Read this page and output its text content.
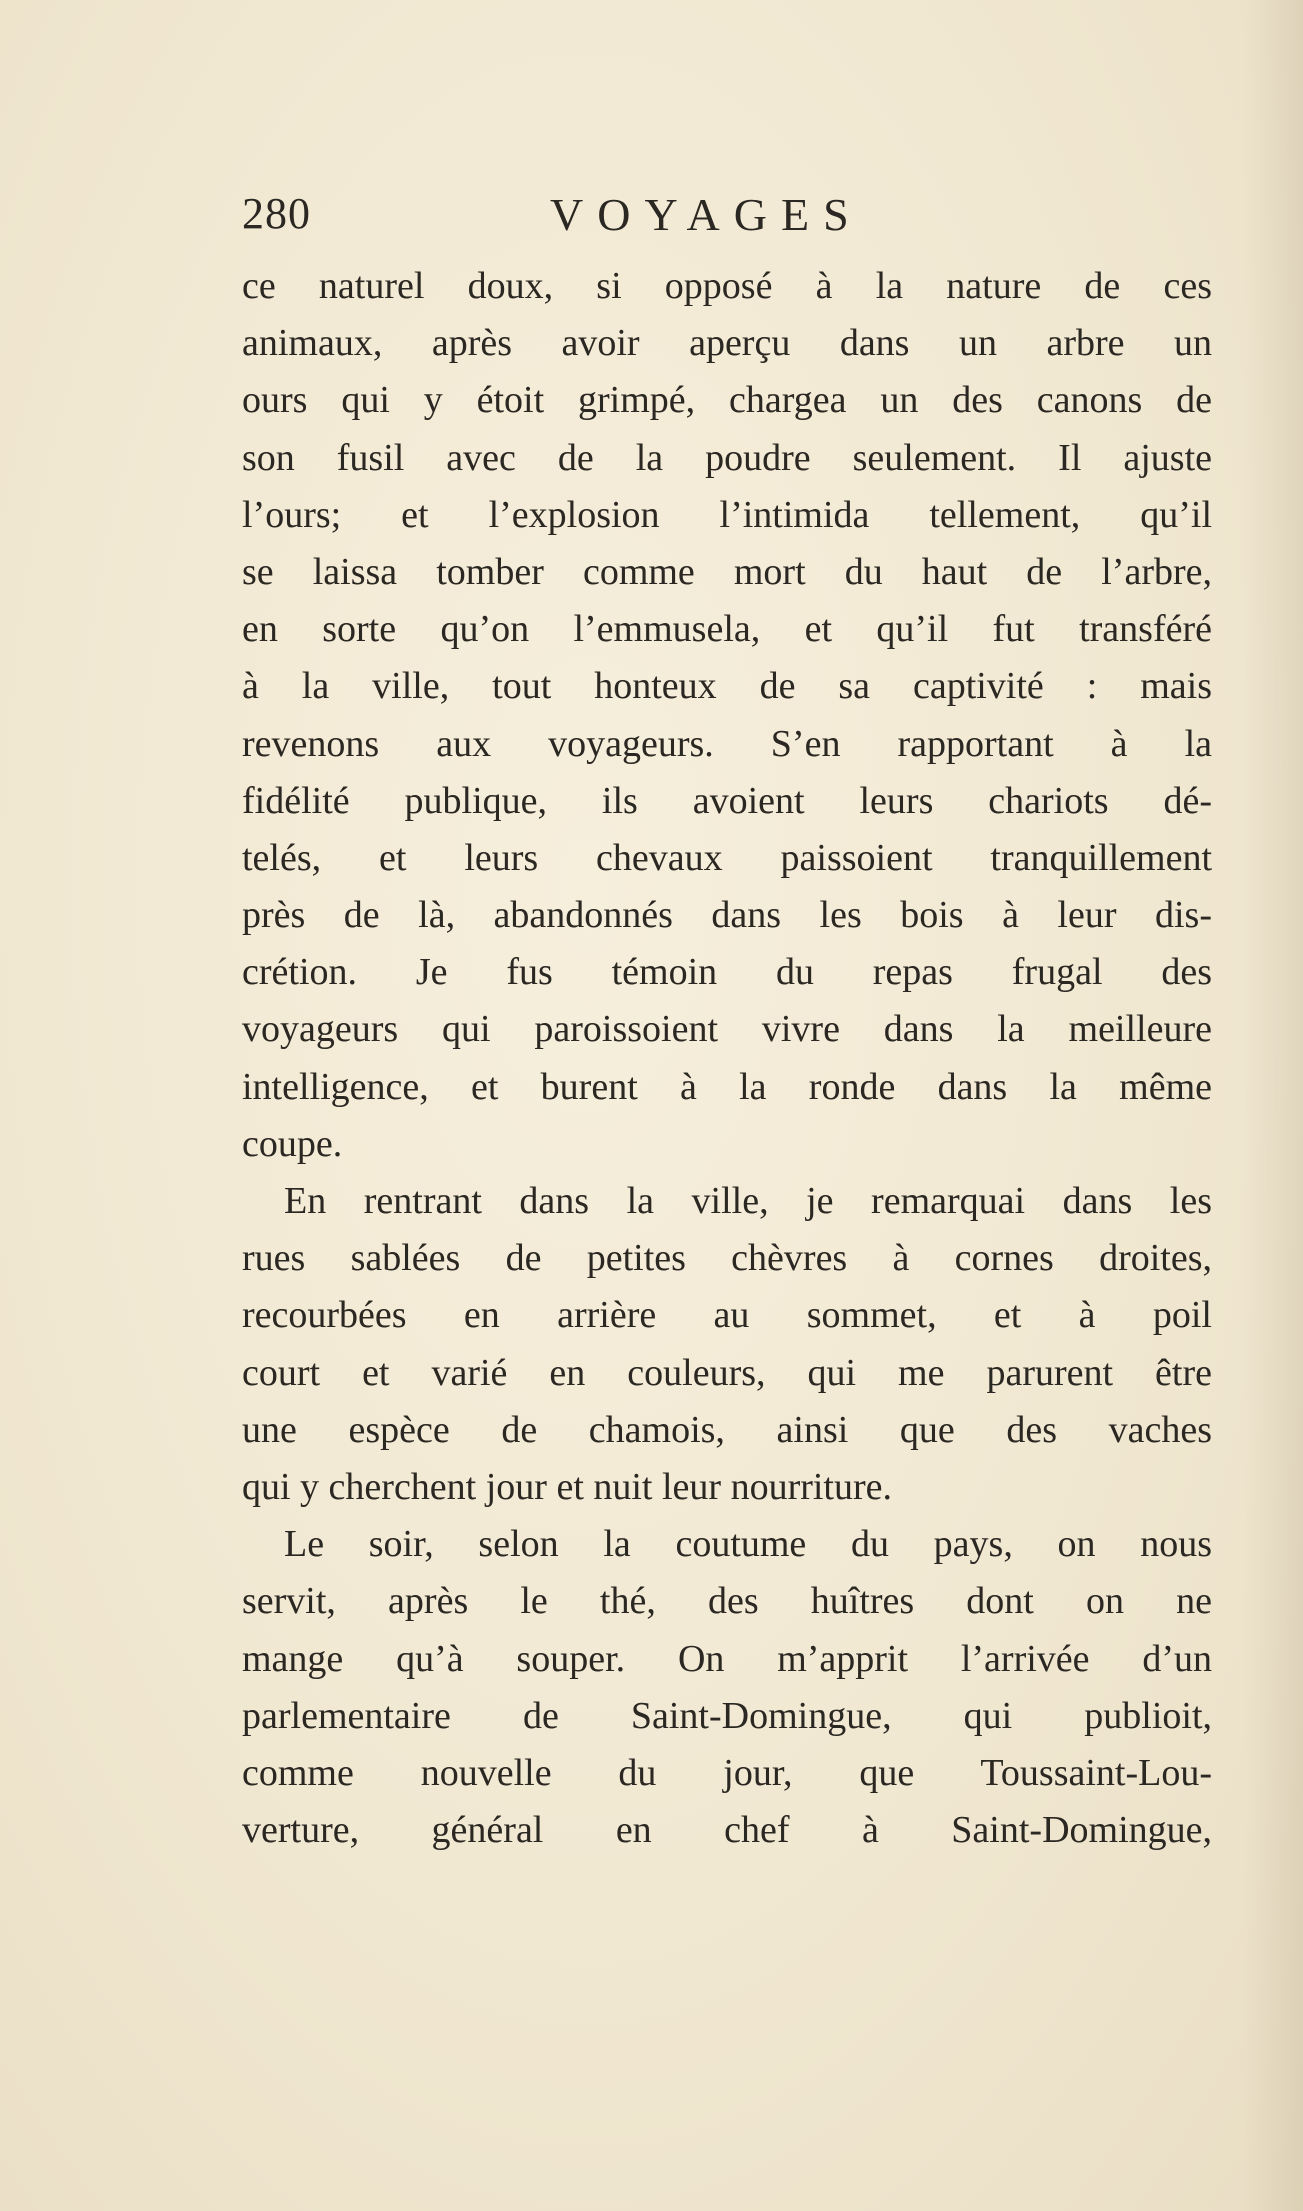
280	VOYAGES
ce naturel doux, si opposé à la nature de ces
animaux, après avoir aperçu dans un arbre un
ours qui y étoit grimpé, chargea un des canons de
son fusil avec de la poudre seulement. Il ajuste
l’ours; et l’explosion l’intimida tellement, qu’il
se laissa tomber comme mort du haut de l’arbre,
en sorte qu’on l’emmusela, et qu’il fut transféré
à la ville, tout honteux de sa captivité : mais
revenons aux voyageurs. S’en rapportant à la
fidélité publique, ils avoient leurs chariots dé-
telés, et leurs chevaux paissoient tranquillement
près de là, abandonnés dans les bois à leur dis-
crétion. Je fus témoin du repas frugal des
voyageurs qui paroissoient vivre dans la meilleure
intelligence, et burent à la ronde dans la même
coupe.
En rentrant dans la ville, je remarquai dans les
rues sablées de petites chèvres à cornes droites,
recourbées en arrière au sommet, et à poil
court et varié en couleurs, qui me parurent être
une espèce de chamois, ainsi que des vaches
qui y cherchent jour et nuit leur nourriture.
Le soir, selon la coutume du pays, on nous
servit, après le thé, des huîtres dont on ne
mange qu’à souper. On m’apprit l’arrivée d’un
parlementaire de Saint-Domingue, qui publioit,
comme nouvelle du jour, que Toussaint-Lou-
verture, général en chef à Saint-Domingue,
